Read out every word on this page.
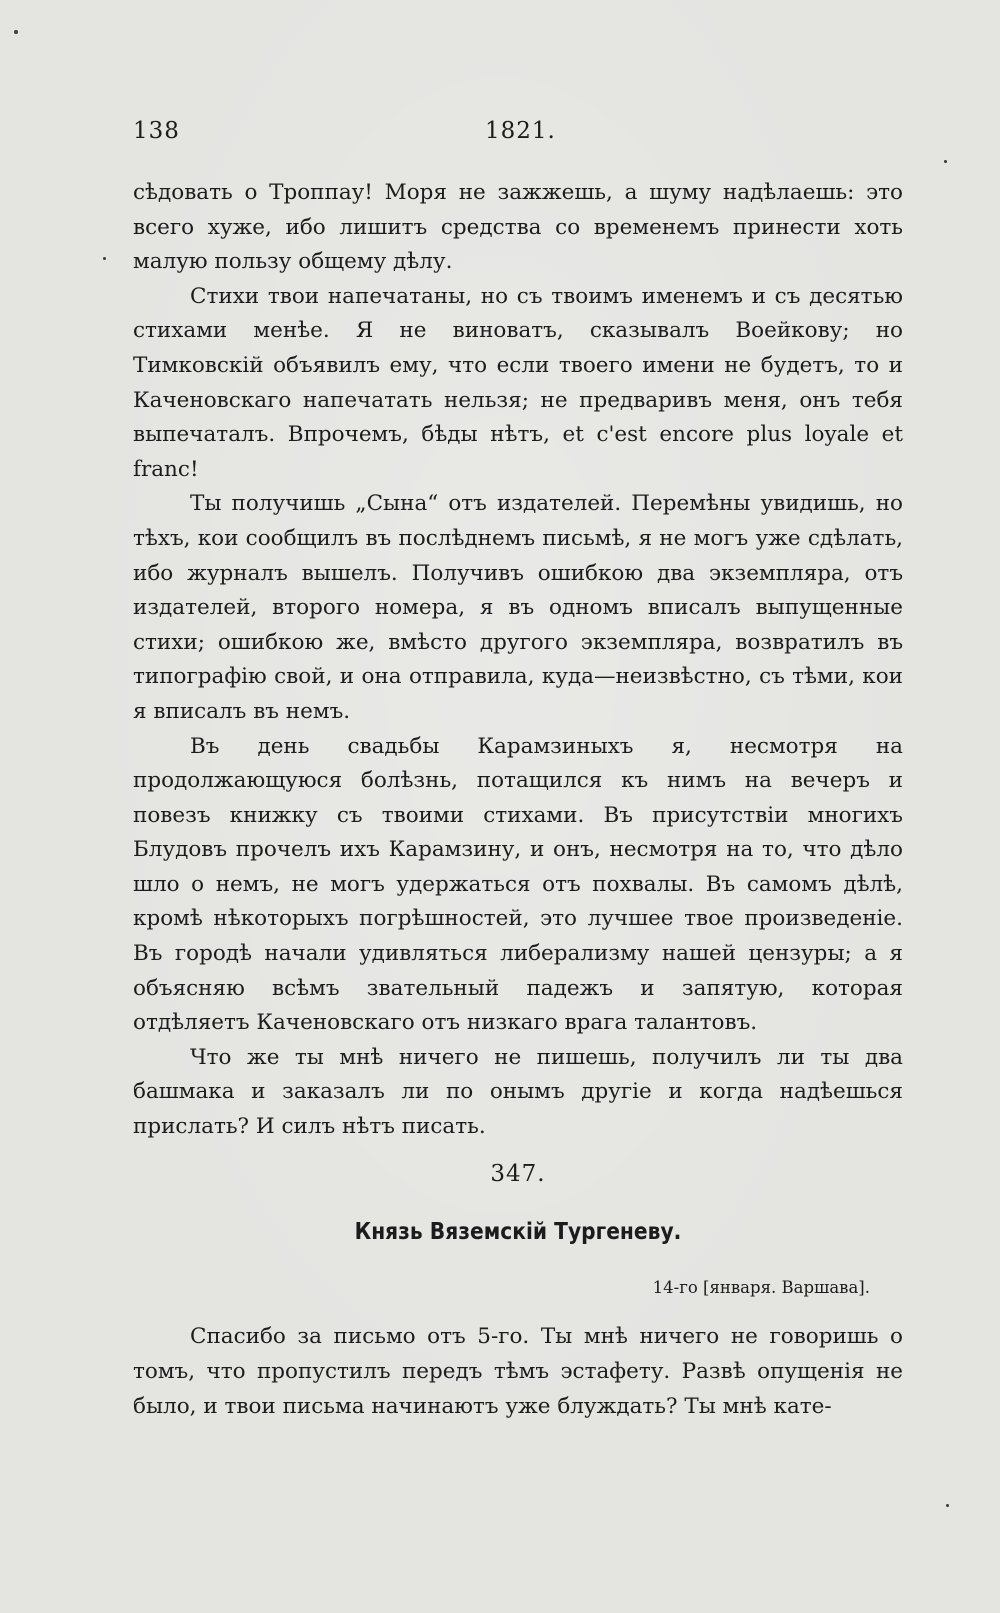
138	1821.

сѣдовать о Троппау! Моря не зажжешь, а шуму надѣлаешь: это всего хуже, ибо лишитъ средства со временемъ принести хоть малую пользу общему дѣлу.

Стихи твои напечатаны, но съ твоимъ именемъ и съ десятью стихами менѣе. Я не виноватъ, сказывалъ Воейкову; но Тимковскій объявилъ ему, что если твоего имени не будетъ, то и Каченовскаго напечатать нельзя; не предваривъ меня, онъ тебя выпечаталъ. Впрочемъ, бѣды нѣтъ, et c'est encore plus loyale et franc!

Ты получишь „Сына“ отъ издателей. Перемѣны увидишь, но тѣхъ, кои сообщилъ въ послѣднемъ письмѣ, я не могъ уже сдѣлать, ибо журналъ вышелъ. Получивъ ошибкою два экземпляра, отъ издателей, второго номера, я въ одномъ вписалъ выпущенные стихи; ошибкою же, вмѣсто другого экземпляра, возвратилъ въ типографію свой, и она отправила, куда—неизвѣстно, съ тѣми, кои я вписалъ въ немъ.

Въ день свадьбы Карамзиныхъ я, несмотря на продолжающуюся болѣзнь, потащился къ нимъ на вечеръ и повезъ книжку съ твоими стихами. Въ присутствіи многихъ Блудовъ прочелъ ихъ Карамзину, и онъ, несмотря на то, что дѣло шло о немъ, не могъ удержаться отъ похвалы. Въ самомъ дѣлѣ, кромѣ нѣкоторыхъ погрѣшностей, это лучшее твое произведеніе. Въ городѣ начали удивляться либерализму нашей цензуры; а я объясняю всѣмъ звательный падежъ и запятую, которая отдѣляетъ Каченовскаго отъ низкаго врага талантовъ.

Что же ты мнѣ ничего не пишешь, получилъ ли ты два башмака и заказалъ ли по онымъ другіе и когда надѣешься прислать? И силъ нѣтъ писать.

347.
Князь Вяземскій Тургеневу.
14-го [января. Варшава].

Спасибо за письмо отъ 5-го. Ты мнѣ ничего не говоришь о томъ, что пропустилъ передъ тѣмъ эстафету. Развѣ опущенія не было, и твои письма начинаютъ уже блуждать? Ты мнѣ кате-
